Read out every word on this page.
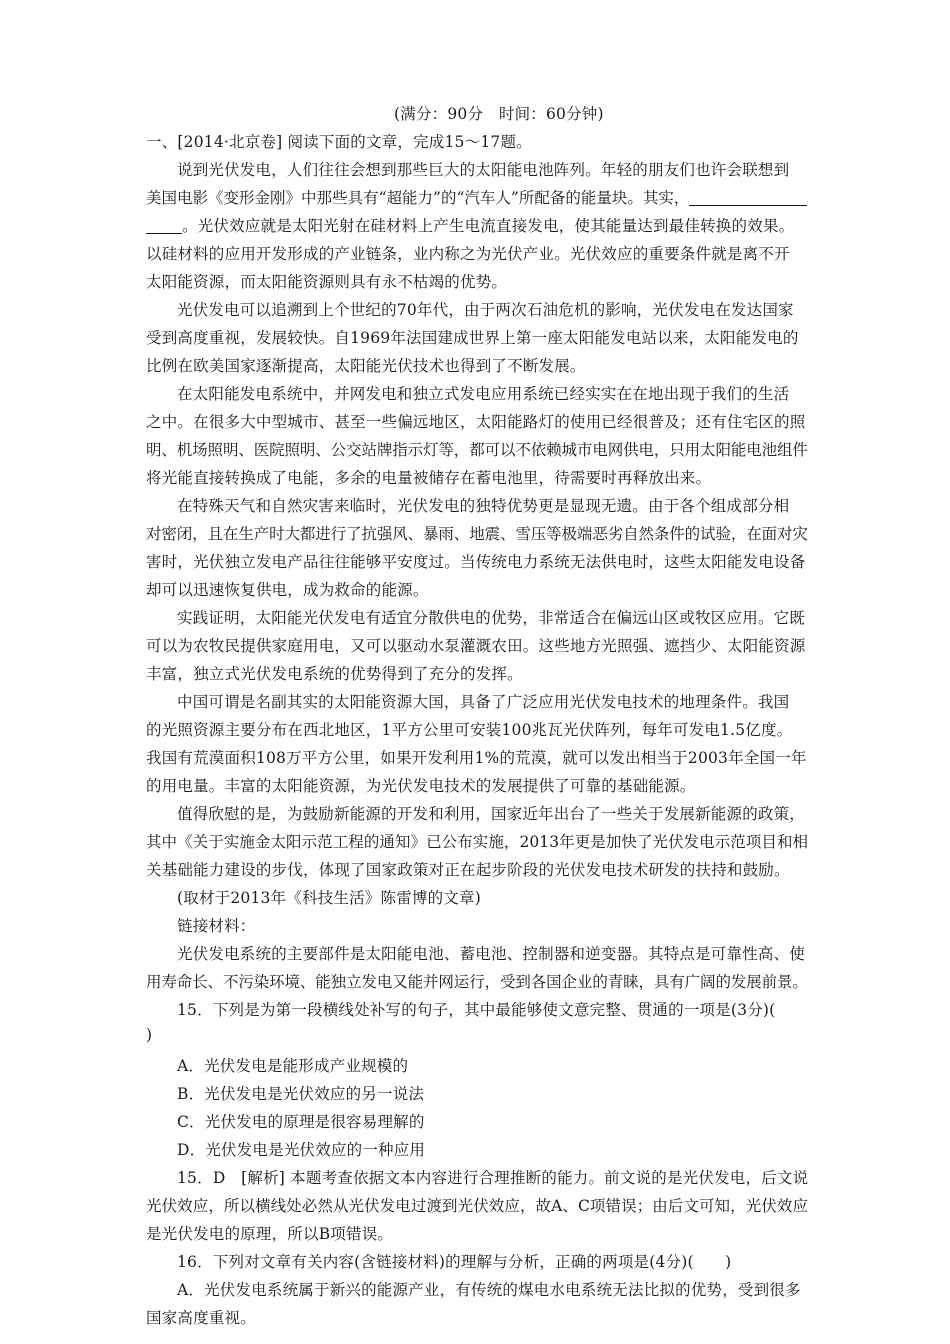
(满分：90分　时间：60分钟)
一、[2014·北京卷] 阅读下面的文章，完成15～17题。
说到光伏发电，人们往往会想到那些巨大的太阳能电池阵列。年轻的朋友们也许会联想到
美国电影《变形金刚》中那些具有“超能力”的“汽车人”所配备的能量块。其实，
。光伏效应就是太阳光射在硅材料上产生电流直接发电，使其能量达到最佳转换的效果。
以硅材料的应用开发形成的产业链条，业内称之为光伏产业。光伏效应的重要条件就是离不开
太阳能资源，而太阳能资源则具有永不枯竭的优势。
光伏发电可以追溯到上个世纪的70年代，由于两次石油危机的影响，光伏发电在发达国家
受到高度重视，发展较快。自1969年法国建成世界上第一座太阳能发电站以来，太阳能发电的
比例在欧美国家逐渐提高，太阳能光伏技术也得到了不断发展。
在太阳能发电系统中，并网发电和独立式发电应用系统已经实实在在地出现于我们的生活
之中。在很多大中型城市、甚至一些偏远地区，太阳能路灯的使用已经很普及；还有住宅区的照
明、机场照明、医院照明、公交站牌指示灯等，都可以不依赖城市电网供电，只用太阳能电池组件
将光能直接转换成了电能，多余的电量被储存在蓄电池里，待需要时再释放出来。
在特殊天气和自然灾害来临时，光伏发电的独特优势更是显现无遗。由于各个组成部分相
对密闭，且在生产时大都进行了抗强风、暴雨、地震、雪压等极端恶劣自然条件的试验，在面对灾
害时，光伏独立发电产品往往能够平安度过。当传统电力系统无法供电时，这些太阳能发电设备
却可以迅速恢复供电，成为救命的能源。
实践证明，太阳能光伏发电有适宜分散供电的优势，非常适合在偏远山区或牧区应用。它既
可以为农牧民提供家庭用电，又可以驱动水泵灌溉农田。这些地方光照强、遮挡少、太阳能资源
丰富，独立式光伏发电系统的优势得到了充分的发挥。
中国可谓是名副其实的太阳能资源大国，具备了广泛应用光伏发电技术的地理条件。我国
的光照资源主要分布在西北地区，1平方公里可安装100兆瓦光伏阵列，每年可发电1.5亿度。
我国有荒漠面积108万平方公里，如果开发利用1%的荒漠，就可以发出相当于2003年全国一年
的用电量。丰富的太阳能资源，为光伏发电技术的发展提供了可靠的基础能源。
值得欣慰的是，为鼓励新能源的开发和利用，国家近年出台了一些关于发展新能源的政策，
其中《关于实施金太阳示范工程的通知》已公布实施，2013年更是加快了光伏发电示范项目和相
关基础能力建设的步伐，体现了国家政策对正在起步阶段的光伏发电技术研发的扶持和鼓励。
(取材于2013年《科技生活》陈雷博的文章)
链接材料：
光伏发电系统的主要部件是太阳能电池、蓄电池、控制器和逆变器。其特点是可靠性高、使
用寿命长、不污染环境、能独立发电又能并网运行，受到各国企业的青睐，具有广阔的发展前景。
15．下列是为第一段横线处补写的句子，其中最能够使文意完整、贯通的一项是(3分)(
)
A．光伏发电是能形成产业规模的
B．光伏发电是光伏效应的另一说法
C．光伏发电的原理是很容易理解的
D．光伏发电是光伏效应的一种应用
15．D　[解析] 本题考查依据文本内容进行合理推断的能力。前文说的是光伏发电，后文说
光伏效应，所以横线处必然从光伏发电过渡到光伏效应，故A、C项错误；由后文可知，光伏效应
是光伏发电的原理，所以B项错误。
16．下列对文章有关内容(含链接材料)的理解与分析，正确的两项是(4分)(　　)
A．光伏发电系统属于新兴的能源产业，有传统的煤电水电系统无法比拟的优势，受到很多
国家高度重视。
